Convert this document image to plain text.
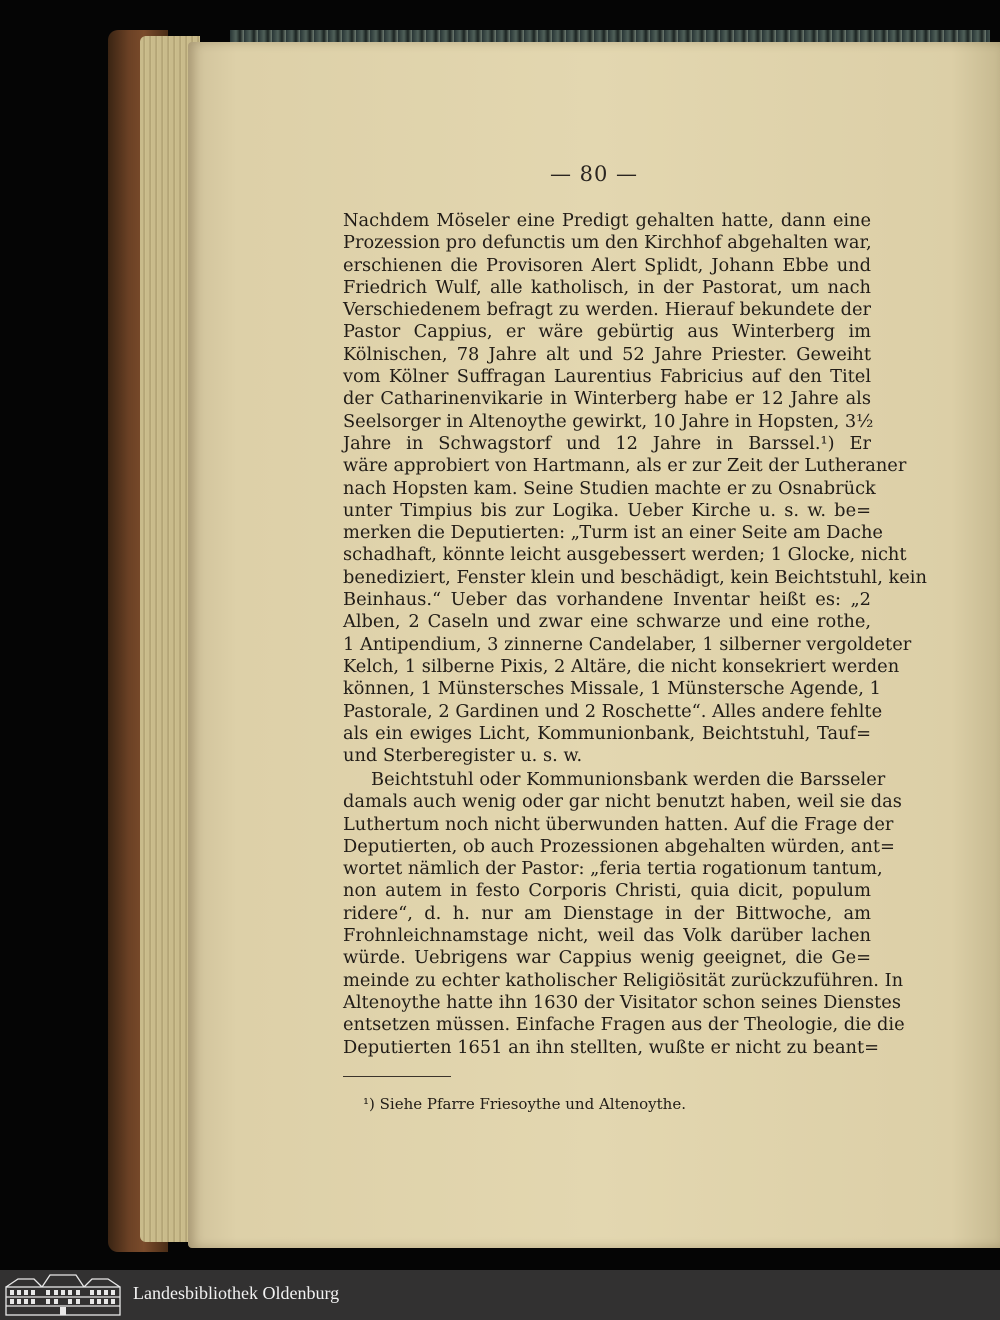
— 80 —
Nachdem Möseler eine Predigt gehalten hatte, dann eine
Prozession pro defunctis um den Kirchhof abgehalten war,
erschienen die Provisoren Alert Splidt, Johann Ebbe und
Friedrich Wulf, alle katholisch, in der Pastorat, um nach
Verschiedenem befragt zu werden. Hierauf bekundete der
Pastor Cappius, er wäre gebürtig aus Winterberg im
Kölnischen, 78 Jahre alt und 52 Jahre Priester. Geweiht
vom Kölner Suffragan Laurentius Fabricius auf den Titel
der Catharinenvikarie in Winterberg habe er 12 Jahre als
Seelsorger in Altenoythe gewirkt, 10 Jahre in Hopsten, 3½
Jahre in Schwagstorf und 12 Jahre in Barssel.¹) Er
wäre approbiert von Hartmann, als er zur Zeit der Lutheraner
nach Hopsten kam. Seine Studien machte er zu Osnabrück
unter Timpius bis zur Logika. Ueber Kirche u. s. w. be=
merken die Deputierten: „Turm ist an einer Seite am Dache
schadhaft, könnte leicht ausgebessert werden; 1 Glocke, nicht
benediziert, Fenster klein und beschädigt, kein Beichtstuhl, kein
Beinhaus.“ Ueber das vorhandene Inventar heißt es: „2
Alben, 2 Caseln und zwar eine schwarze und eine rothe,
1 Antipendium, 3 zinnerne Candelaber, 1 silberner vergoldeter
Kelch, 1 silberne Pixis, 2 Altäre, die nicht konsekriert werden
können, 1 Münstersches Missale, 1 Münstersche Agende, 1
Pastorale, 2 Gardinen und 2 Roschette“. Alles andere fehlte
als ein ewiges Licht, Kommunionbank, Beichtstuhl, Tauf=
und Sterberegister u. s. w.
Beichtstuhl oder Kommunionsbank werden die Barsseler
damals auch wenig oder gar nicht benutzt haben, weil sie das
Luthertum noch nicht überwunden hatten. Auf die Frage der
Deputierten, ob auch Prozessionen abgehalten würden, ant=
wortet nämlich der Pastor: „feria tertia rogationum tantum,
non autem in festo Corporis Christi, quia dicit, populum
ridere“, d. h. nur am Dienstage in der Bittwoche, am
Frohnleichnamstage nicht, weil das Volk darüber lachen
würde. Uebrigens war Cappius wenig geeignet, die Ge=
meinde zu echter katholischer Religiösität zurückzuführen. In
Altenoythe hatte ihn 1630 der Visitator schon seines Dienstes
entsetzen müssen. Einfache Fragen aus der Theologie, die die
Deputierten 1651 an ihn stellten, wußte er nicht zu beant=
¹) Siehe Pfarre Friesoythe und Altenoythe.
Landesbibliothek Oldenburg
